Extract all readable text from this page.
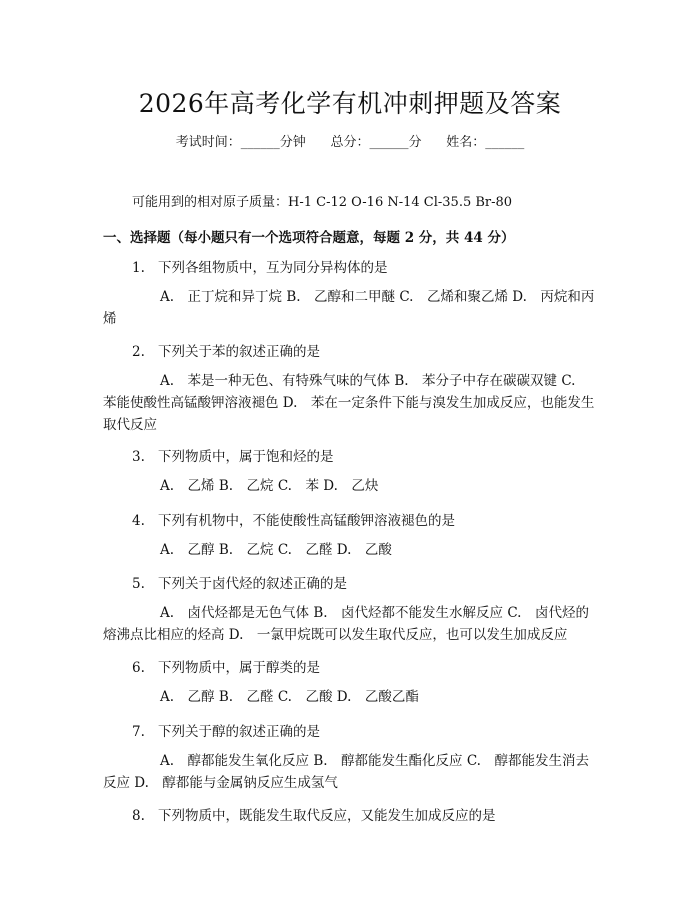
2026年高考化学有机冲刺押题及答案
考试时间：______分钟      总分：______分      姓名：______
可能用到的相对原子质量：H-1 C-12 O-16 N-14 Cl-35.5 Br-80
一、选择题（每小题只有一个选项符合题意，每题 2 分，共 44 分）
1. 下列各组物质中，互为同分异构体的是
A.　正丁烷和异丁烷 B.　乙醇和二甲醚 C.　乙烯和聚乙烯 D.　丙烷和丙烯
2. 下列关于苯的叙述正确的是
A.　苯是一种无色、有特殊气味的气体 B.　苯分子中存在碳碳双键 C.　苯能使酸性高锰酸钾溶液褪色 D.　苯在一定条件下能与溴发生加成反应，也能发生取代反应
3. 下列物质中，属于饱和烃的是
A.　乙烯 B.　乙烷 C.　苯 D.　乙炔
4. 下列有机物中，不能使酸性高锰酸钾溶液褪色的是
A.　乙醇 B.　乙烷 C.　乙醛 D.　乙酸
5. 下列关于卤代烃的叙述正确的是
A.　卤代烃都是无色气体 B.　卤代烃都不能发生水解反应 C.　卤代烃的熔沸点比相应的烃高 D.　一氯甲烷既可以发生取代反应，也可以发生加成反应
6. 下列物质中，属于醇类的是
A.　乙醇 B.　乙醛 C.　乙酸 D.　乙酸乙酯
7. 下列关于醇的叙述正确的是
A.　醇都能发生氧化反应 B.　醇都能发生酯化反应 C.　醇都能发生消去反应 D.　醇都能与金属钠反应生成氢气
8. 下列物质中，既能发生取代反应，又能发生加成反应的是
